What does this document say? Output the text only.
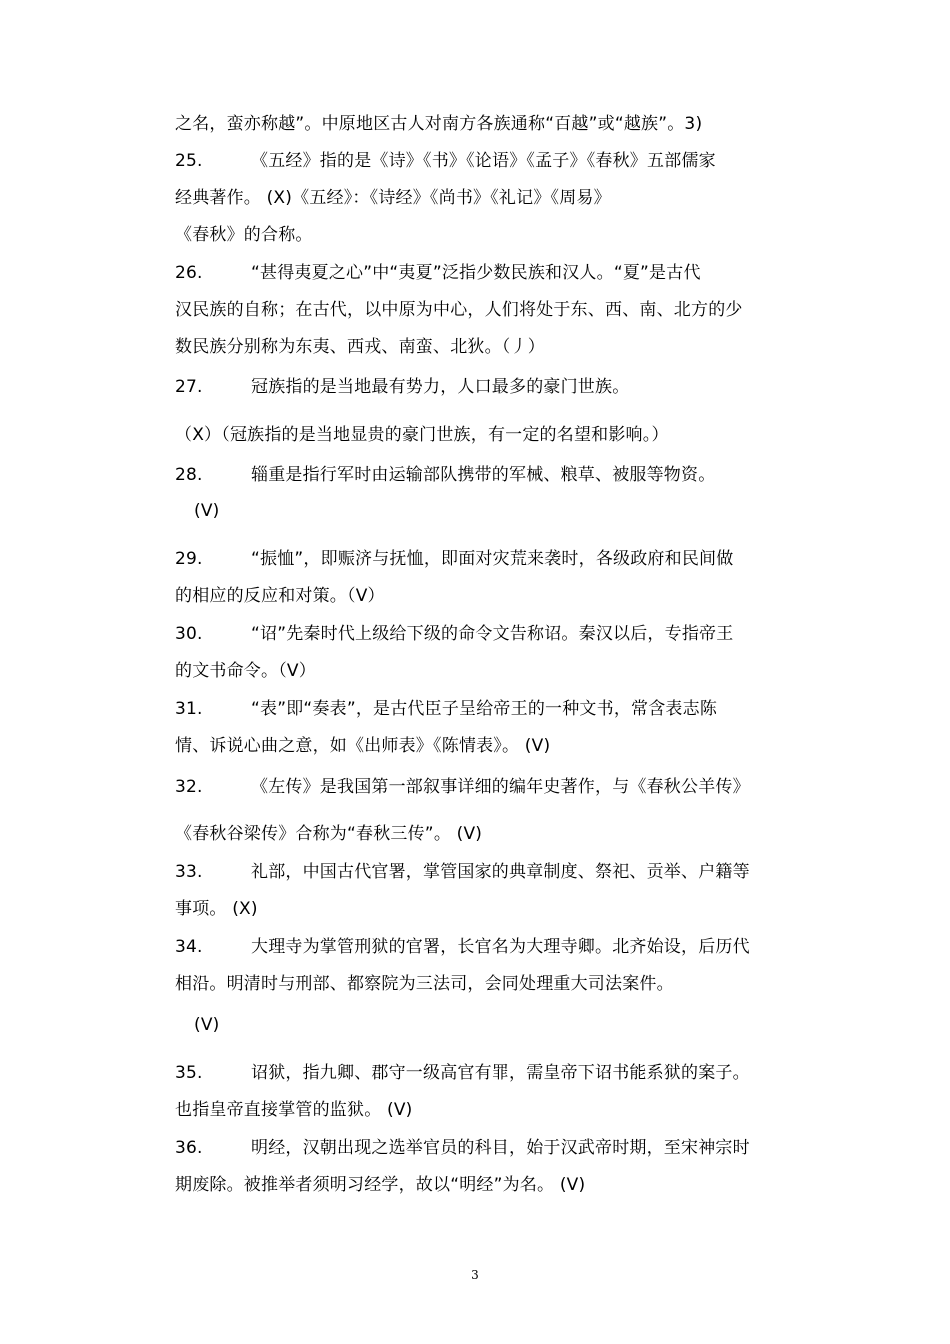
之名，蛮亦称越”。中原地区古人对南方各族通称“百越”或“越族”。3)
25.	《五经》指的是《诗》《书》《论语》《孟子》《春秋》五部儒家
经典著作。 (X)《五经》：《诗经》《尚书》《礼记》《周易》
《春秋》的合称。
26.	“甚得夷夏之心”中“夷夏”泛指少数民族和汉人。“夏”是古代
汉民族的自称；在古代，以中原为中心，人们将处于东、西、南、北方的少
数民族分别称为东夷、西戎、南蛮、北狄。（丿）
27.	冠族指的是当地最有势力，人口最多的豪门世族。
（X）（冠族指的是当地显贵的豪门世族，有一定的名望和影响。）
28.	辎重是指行军时由运输部队携带的军械、粮草、被服等物资。
(V)
29.	“振恤”，即赈济与抚恤，即面对灾荒来袭时，各级政府和民间做
的相应的反应和对策。（V）
30.	“诏”先秦时代上级给下级的命令文告称诏。秦汉以后，专指帝王
的文书命令。（V）
31.	“表”即“奏表”，是古代臣子呈给帝王的一种文书，常含表志陈
情、诉说心曲之意，如《出师表》《陈情表》。 (V)
32.	《左传》是我国第一部叙事详细的编年史著作，与《春秋公羊传》
《春秋谷梁传》合称为“春秋三传”。 (V)
33.	礼部，中国古代官署，掌管国家的典章制度、祭祀、贡举、户籍等
事项。 (X)
34.	大理寺为掌管刑狱的官署，长官名为大理寺卿。北齐始设，后历代
相沿。明清时与刑部、都察院为三法司，会同处理重大司法案件。
(V)
35.	诏狱，指九卿、郡守一级高官有罪，需皇帝下诏书能系狱的案子。
也指皇帝直接掌管的监狱。 (V)
36.	明经，汉朝出现之选举官员的科目，始于汉武帝时期，至宋神宗时
期废除。被推举者须明习经学，故以“明经”为名。 (V)
3
